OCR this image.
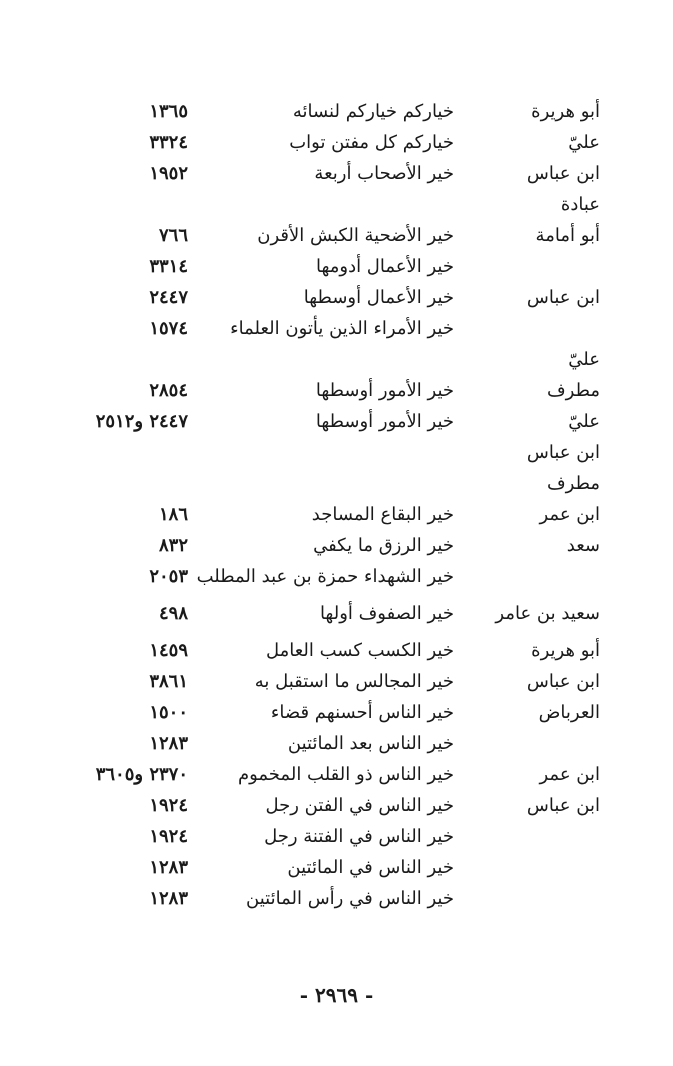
أبو هريرة
خياركم خياركم لنسائه
١٣٦٥
عليّ
خياركم كل مفتن تواب
٣٣٢٤
ابن عباس
خير الأصحاب أربعة
١٩٥٢
عبادة
أبو أمامة
خير الأضحية الكبش الأقرن
٧٦٦
خير الأعمال أدومها
٣٣١٤
ابن عباس
خير الأعمال أوسطها
٢٤٤٧
خير الأمراء الذين يأتون العلماء
١٥٧٤
عليّ
مطرف
خير الأمور أوسطها
٢٨٥٤
عليّ
خير الأمور أوسطها
٢٤٤٧ و٢٥١٢
ابن عباس
مطرف
ابن عمر
خير البقاع المساجد
١٨٦
سعد
خير الرزق ما يكفي
٨٣٢
خير الشهداء حمزة بن عبد المطلب
٢٠٥٣
سعيد بن عامر
خير الصفوف أولها
٤٩٨
أبو هريرة
خير الكسب كسب العامل
١٤٥٩
ابن عباس
خير المجالس ما استقبل به
٣٨٦١
العرباض
خير الناس أحسنهم قضاء
١٥٠٠
خير الناس بعد المائتين
١٢٨٣
ابن عمر
خير الناس ذو القلب المخموم
٢٣٧٠ و٣٦٠٥
ابن عباس
خير الناس في الفتن رجل
١٩٢٤
خير الناس في الفتنة رجل
١٩٢٤
خير الناس في المائتين
١٢٨٣
خير الناس في رأس المائتين
١٢٨٣
- ٢٩٦٩ -
